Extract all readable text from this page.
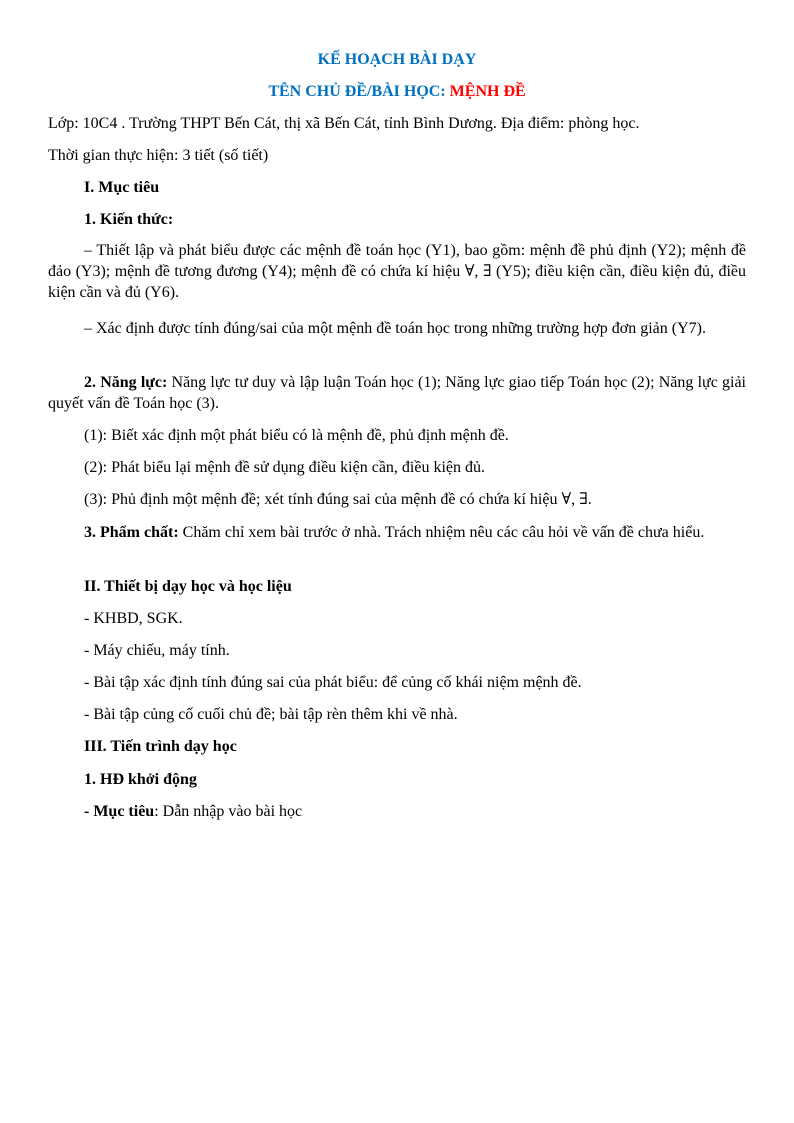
KẾ HOẠCH BÀI DẠY
TÊN CHỦ ĐỀ/BÀI HỌC: MỆNH ĐỀ
Lớp: 10C4 . Trường THPT Bến Cát, thị xã Bến Cát, tỉnh Bình Dương. Địa điểm: phòng học.
Thời gian thực hiện: 3 tiết (số tiết)
I. Mục tiêu
1. Kiến thức:
– Thiết lập và phát biểu được các mệnh đề toán học (Y1), bao gồm: mệnh đề phủ định (Y2); mệnh đề đảo (Y3); mệnh đề tương đương (Y4); mệnh đề có chứa kí hiệu ∀, ∃ (Y5); điều kiện cần, điều kiện đủ, điều kiện cần và đủ (Y6).
– Xác định được tính đúng/sai của một mệnh đề toán học trong những trường hợp đơn giản (Y7).
2. Năng lực: Năng lực tư duy và lập luận Toán học (1); Năng lực giao tiếp Toán học (2); Năng lực giải quyết vấn đề Toán học (3).
(1): Biết xác định một phát biểu có là mệnh đề, phủ định mệnh đề.
(2): Phát biểu lại mệnh đề sử dụng điều kiện cần, điều kiện đủ.
(3): Phủ định một mệnh đề; xét tính đúng sai của mệnh đề có chứa kí hiệu ∀, ∃.
3. Phẩm chất: Chăm chỉ xem bài trước ở nhà. Trách nhiệm nêu các câu hỏi về vấn đề chưa hiểu.
II. Thiết bị dạy học và học liệu
- KHBD, SGK.
- Máy chiếu, máy tính.
- Bài tập xác định tính đúng sai của phát biểu: để củng cố khái niệm mệnh đề.
- Bài tập củng cố cuối chủ đề; bài tập rèn thêm khi về nhà.
III. Tiến trình dạy học
1. HĐ khởi động
- Mục tiêu: Dẫn nhập vào bài học
